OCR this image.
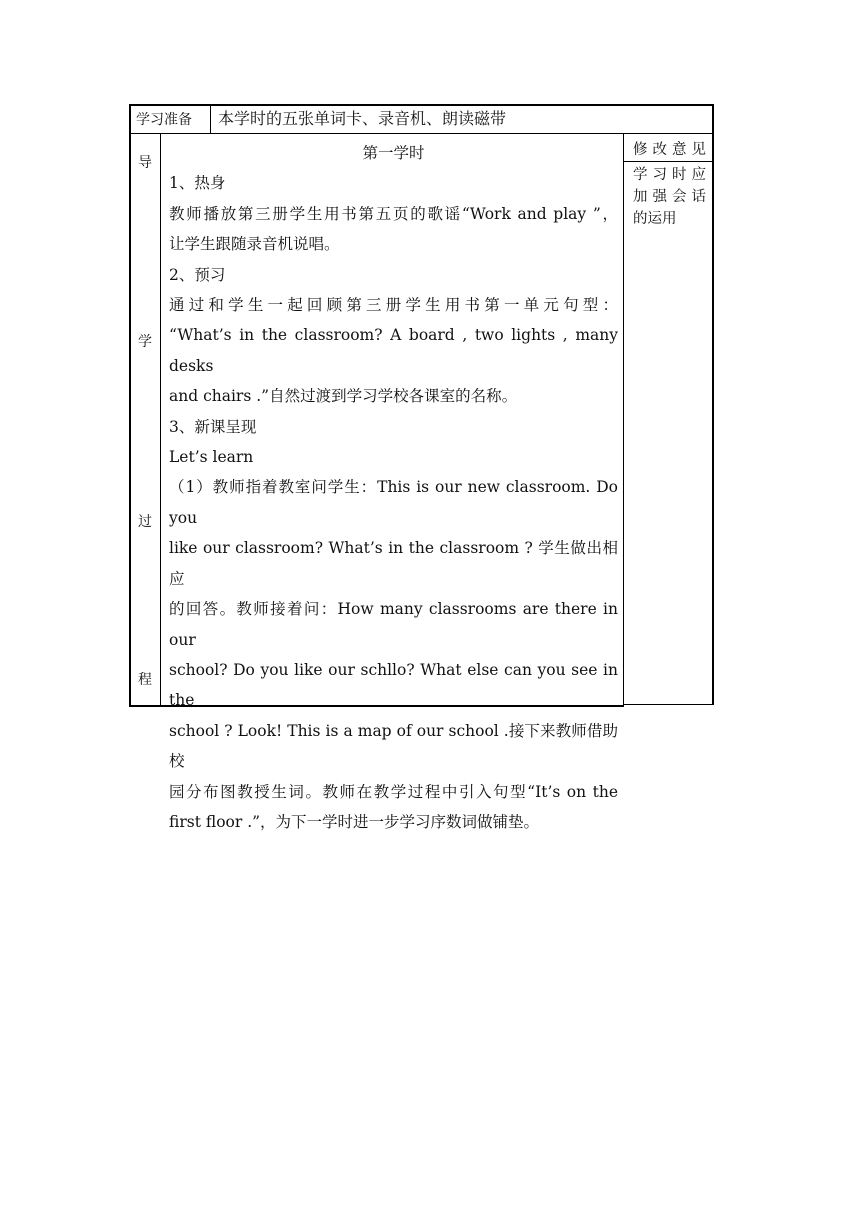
学习准备 本学时的五张单词卡、录音机、朗读磁带
导
学
过
程

第一学时

1、热身

教师播放第三册学生用书第五页的歌谣“Work and play ”，

让学生跟随录音机说唱。

2、预习

通过和学生一起回顾第三册学生用书第一单元句型：

“What’s in the classroom? A board , two lights , many desks

and chairs .”自然过渡到学习学校各课室的名称。

3、新课呈现

Let’s learn

（1）教师指着教室问学生：This is our new classroom. Do you

like our classroom? What’s in the classroom ? 学生做出相应

的回答。教师接着问：How many classrooms are there in our

school? Do you like our schllo? What else can you see in the

school ? Look! This is a map of our school .接下来教师借助校

园分布图教授生词。教师在教学过程中引入句型“It’s on the

first floor .”，为下一学时进一步学习序数词做铺垫。

修改意见
学习时应
加强会话
的运用
